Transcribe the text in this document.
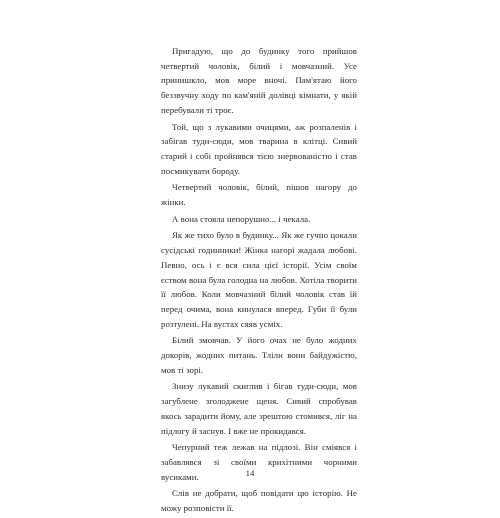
Пригадую, що до будинку того прийшов четвертий чоловік, білий і мовчазний. Усе принишкло, мов море вночі. Пам'ятаю його беззвучну ходу по кам'яній долівці кімнати, у якій перебували ті троє.

Той, що з лукавими очицями, аж розпаленів і забігав туди-сюди, мов тварина в клітці. Сивий старий і собі пройнявся тією знервованістю і став посмикувати бороду.

Четвертий чоловік, білий, пішов нагору до жінки.

А вона стояла непорушно... і чекала.

Як же тихо було в будинку... Як же гучно цокали сусідські годинники! Жінка нагорі жадала любові. Певно, ось і є вся сила цієї історії. Усім своїм єством вона була голодна на любов. Хотіла творити її любов. Коли мовчазний білий чоловік став їй перед очима, вона кинулася вперед. Губи її були розтулені. На вустах сяяв усміх.

Білий змовчав. У його очах не було жодних докорів, жодних питань. Тліли вони байдужістю, мов ті зорі.

Знизу лукавий скиглив і бігав туди-сюди, мов загублене зголоджене щеня. Сивий спробував якось зарадити йому, але зрештою стомився, ліг на підлогу й заснув. І вже не прокидався.

Чепурний теж лежав на підлозі. Він сміявся і забавлявся зі своїми крихітними чорними вусиками.

Слів не добрати, щоб повідати цю історію. Не можу розповісти її.

14
